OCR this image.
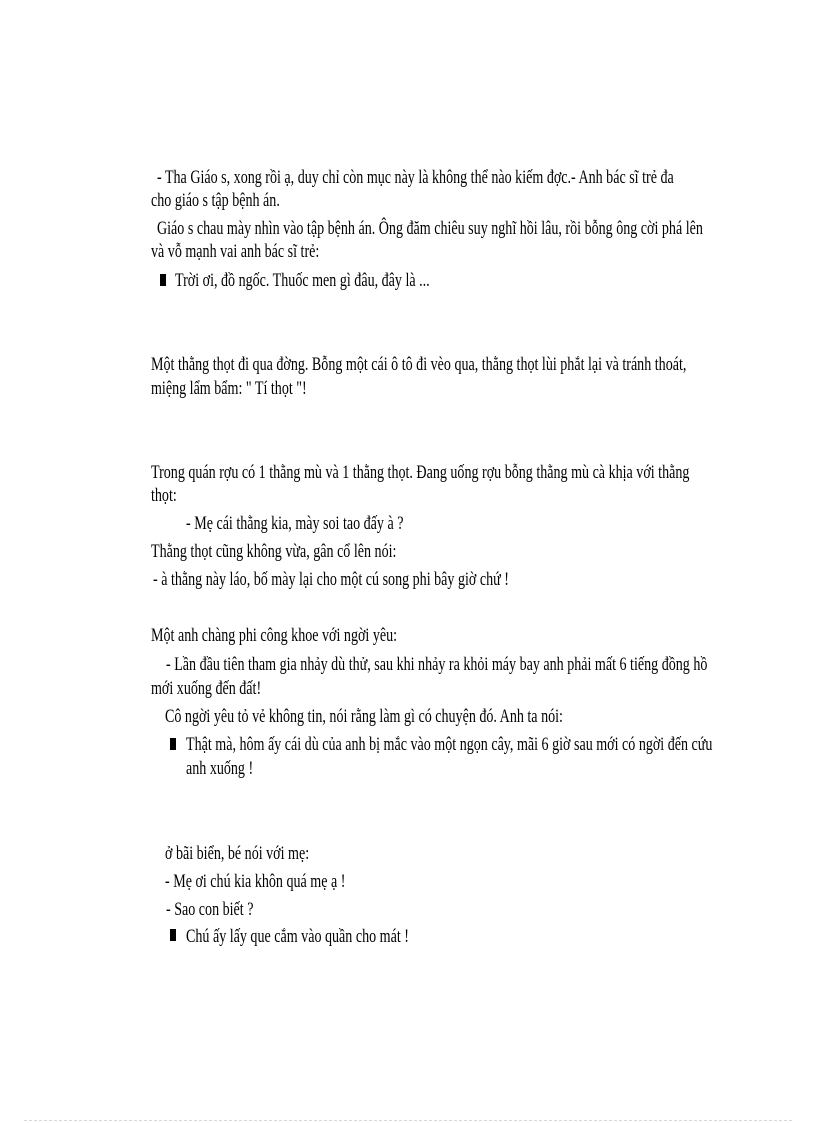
- Tha Giáo s, xong rồi ạ, duy chỉ còn mục này là không thể nào kiếm đợc.- Anh bác sĩ trẻ đa
cho giáo s tập bệnh án.
Giáo s chau mày nhìn vào tập bệnh án. Ông đăm chiêu suy nghĩ hồi lâu, rồi bỗng ông cời phá lên
và vỗ mạnh vai anh bác sĩ trẻ:
Trời ơi, đồ ngốc. Thuốc men gì đâu, đây là ...
Một thằng thọt đi qua đờng. Bỗng một cái ô tô đi vèo qua, thằng thọt lùi phắt lại và tránh thoát,
miệng lẩm bẩm: " Tí thọt "!
Trong quán rợu có 1 thằng mù và 1 thằng thọt. Đang uống rợu bỗng thằng mù cà khịa với thằng
thọt:
- Mẹ cái thằng kia, mày soi tao đấy à ?
Thằng thọt cũng không vừa, gân cổ lên nói:
- à thằng này láo, bố mày lại cho một cú song phi bây giờ chứ !
Một anh chàng phi công khoe với ngời yêu:
- Lần đầu tiên tham gia nhảy dù thử, sau khi nhảy ra khỏi máy bay anh phải mất 6 tiếng đồng hồ
mới xuống đến đất!
Cô ngời yêu tỏ vẻ không tin, nói rằng làm gì có chuyện đó. Anh ta nói:
Thật mà, hôm ấy cái dù của anh bị mắc vào một ngọn cây, mãi 6 giờ sau mới có ngời đến cứu
anh xuống !
ở bãi biển, bé nói với mẹ:
- Mẹ ơi chú kia khôn quá mẹ ạ !
- Sao con biết ?
Chú ấy lấy que cắm vào quần cho mát !
